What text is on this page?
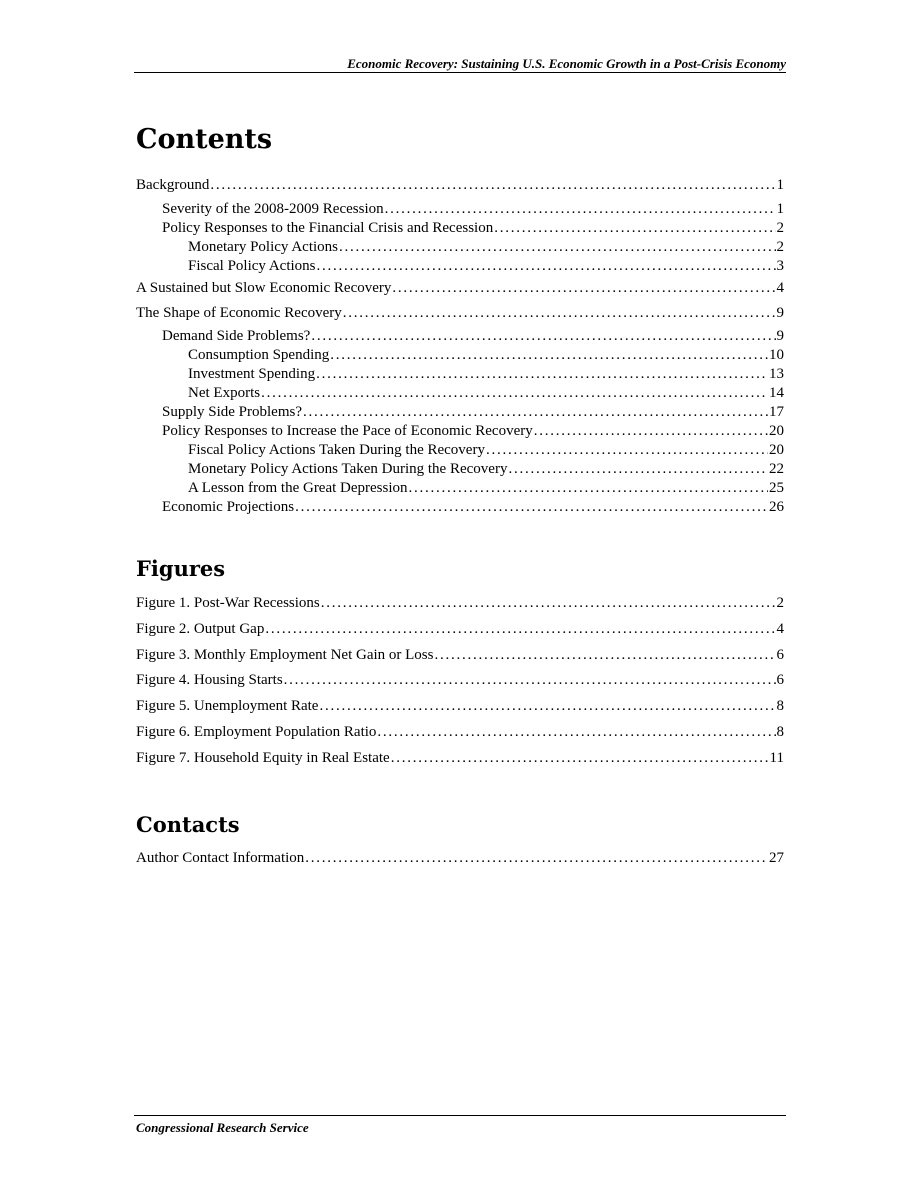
Economic Recovery: Sustaining U.S. Economic Growth in a Post-Crisis Economy
Contents
Background . . .	1
Severity of the 2008-2009 Recession . . .	1
Policy Responses to the Financial Crisis and Recession . . .	2
Monetary Policy Actions . . .	2
Fiscal Policy Actions . . .	3
A Sustained but Slow Economic Recovery . . .	4
The Shape of Economic Recovery . . .	9
Demand Side Problems? . . .	9
Consumption Spending . . .	10
Investment Spending . . .	13
Net Exports . . .	14
Supply Side Problems? . . .	17
Policy Responses to Increase the Pace of Economic Recovery . . .	20
Fiscal Policy Actions Taken During the Recovery . . .	20
Monetary Policy Actions Taken During the Recovery . . .	22
A Lesson from the Great Depression . . .	25
Economic Projections . . .	26
Figures
Figure 1. Post-War Recessions . . .	2
Figure 2. Output Gap . . .	4
Figure 3. Monthly Employment Net Gain or Loss . . .	6
Figure 4. Housing Starts . . .	6
Figure 5. Unemployment Rate . . .	8
Figure 6. Employment Population Ratio . . .	8
Figure 7. Household Equity in Real Estate . . .	11
Contacts
Author Contact Information . . .	27
Congressional Research Service
